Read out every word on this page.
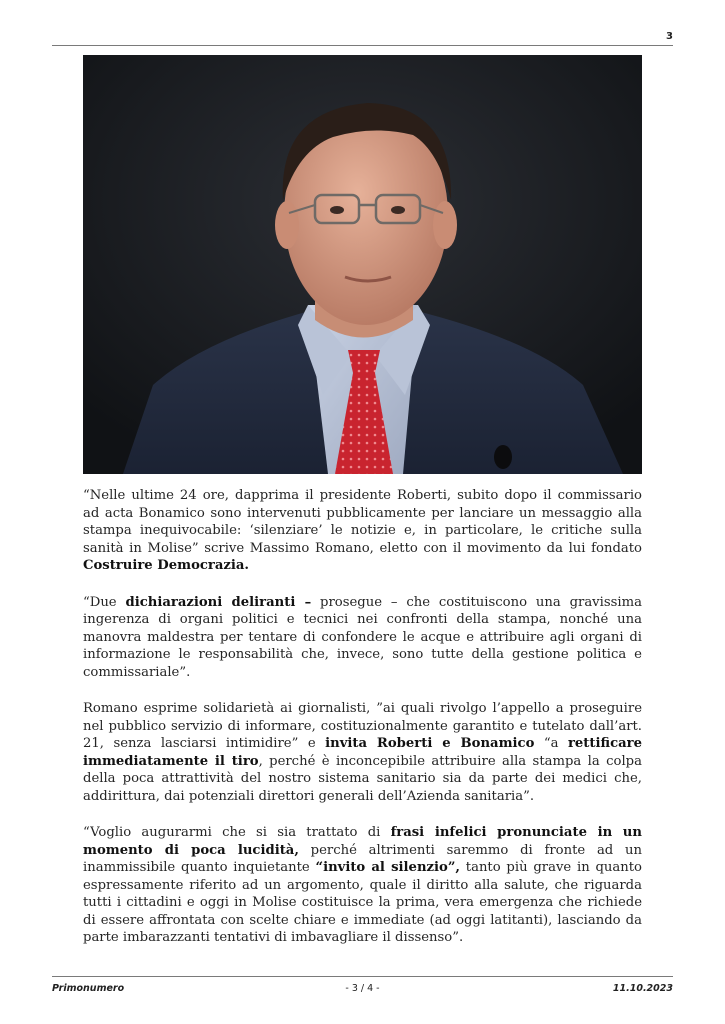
3

“Nelle ultime 24 ore, dapprima il presidente Roberti, subito dopo il commissario ad acta Bonamico sono intervenuti pubblicamente per lanciare un messaggio alla stampa inequivocabile: ‘silenziare’ le notizie e, in particolare, le critiche sulla sanità in Molise” scrive Massimo Romano, eletto con il movimento da lui fondato Costruire Democrazia.

“Due dichiarazioni deliranti – prosegue – che costituiscono una gravissima ingerenza di organi politici e tecnici nei confronti della stampa, nonché una manovra maldestra per tentare di confondere le acque e attribuire agli organi di informazione le responsabilità che, invece, sono tutte della gestione politica e commissariale”.

Romano esprime solidarietà ai giornalisti, ”ai quali rivolgo l’appello a proseguire nel pubblico servizio di informare, costituzionalmente garantito e tutelato dall’art. 21, senza lasciarsi intimidire” e invita Roberti e Bonamico “a rettificare immediatamente il tiro, perché è inconcepibile attribuire alla stampa la colpa della poca attrattività del nostro sistema sanitario sia da parte dei medici che, addirittura, dai potenziali direttori generali dell’Azienda sanitaria”.

“Voglio augurarmi che si sia trattato di frasi infelici pronunciate in un momento di poca lucidità, perché altrimenti saremmo di fronte ad un inammissibile quanto inquietante “invito al silenzio”, tanto più grave in quanto espressamente riferito ad un argomento, quale il diritto alla salute, che riguarda tutti i cittadini e oggi in Molise costituisce la prima, vera emergenza che richiede di essere affrontata con scelte chiare e immediate (ad oggi latitanti), lasciando da parte imbarazzanti tentativi di imbavagliare il dissenso”.

Primonumero	- 3 / 4 -	11.10.2023
